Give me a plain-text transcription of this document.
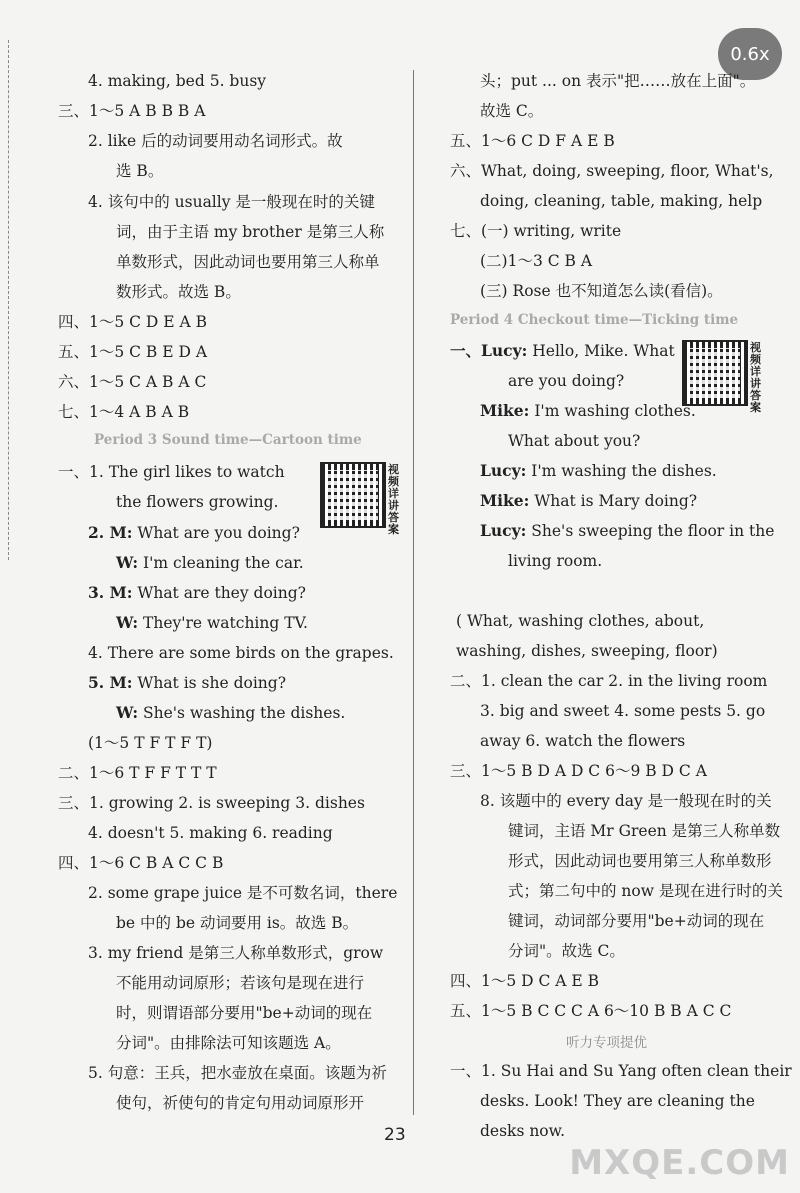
0.6x
4. making, bed 5. busy
三、1～5 A B B B A
2. like 后的动词要用动名词形式。故
选 B。
4. 该句中的 usually 是一般现在时的关键
词，由于主语 my brother 是第三人称
单数形式，因此动词也要用第三人称单
数形式。故选 B。
四、1～5 C D E A B
五、1～5 C B E D A
六、1～5 C A B A C
七、1～4 A B A B
Period 3 Sound time—Cartoon time
一、1. The girl likes to watch
the flowers growing.
视频详讲答案
2. M: What are you doing?
W: I'm cleaning the car.
3. M: What are they doing?
W: They're watching TV.
4. There are some birds on the grapes.
5. M: What is she doing?
W: She's washing the dishes.
(1～5 T F T F T)
二、1～6 T F F T T T
三、1. growing 2. is sweeping 3. dishes
4. doesn't 5. making 6. reading
四、1～6 C B A C C B
2. some grape juice 是不可数名词，there
be 中的 be 动词要用 is。故选 B。
3. my friend 是第三人称单数形式，grow
不能用动词原形；若该句是现在进行
时，则谓语部分要用"be+动词的现在
分词"。由排除法可知该题选 A。
5. 句意：王兵，把水壶放在桌面。该题为祈
使句，祈使句的肯定句用动词原形开
头；put ... on 表示"把……放在上面"。
故选 C。
五、1～6 C D F A E B
六、What, doing, sweeping, floor, What's,
doing, cleaning, table, making, help
七、(一) writing, write
(二)1～3 C B A
(三) Rose 也不知道怎么读(看信)。
Period 4 Checkout time—Ticking time
一、Lucy: Hello, Mike. What	视频详讲答案
are you doing?
Mike: I'm washing clothes.
What about you?
Lucy: I'm washing the dishes.
Mike: What is Mary doing?
Lucy: She's sweeping the floor in the
living room.
( What, washing clothes, about,
washing, dishes, sweeping, floor)
二、1. clean the car 2. in the living room
3. big and sweet 4. some pests 5. go
away 6. watch the flowers
三、1～5 B D A D C 6～9 B D C A
8. 该题中的 every day 是一般现在时的关
键词，主语 Mr Green 是第三人称单数
形式，因此动词也要用第三人称单数形
式；第二句中的 now 是现在进行时的关
键词，动词部分要用"be+动词的现在
分词"。故选 C。
四、1～5 D C A E B
五、1～5 B C C C A 6～10 B B A C C
听力专项提优
一、1. Su Hai and Su Yang often clean their
desks. Look! They are cleaning the
desks now.
23
MXQE.COM
